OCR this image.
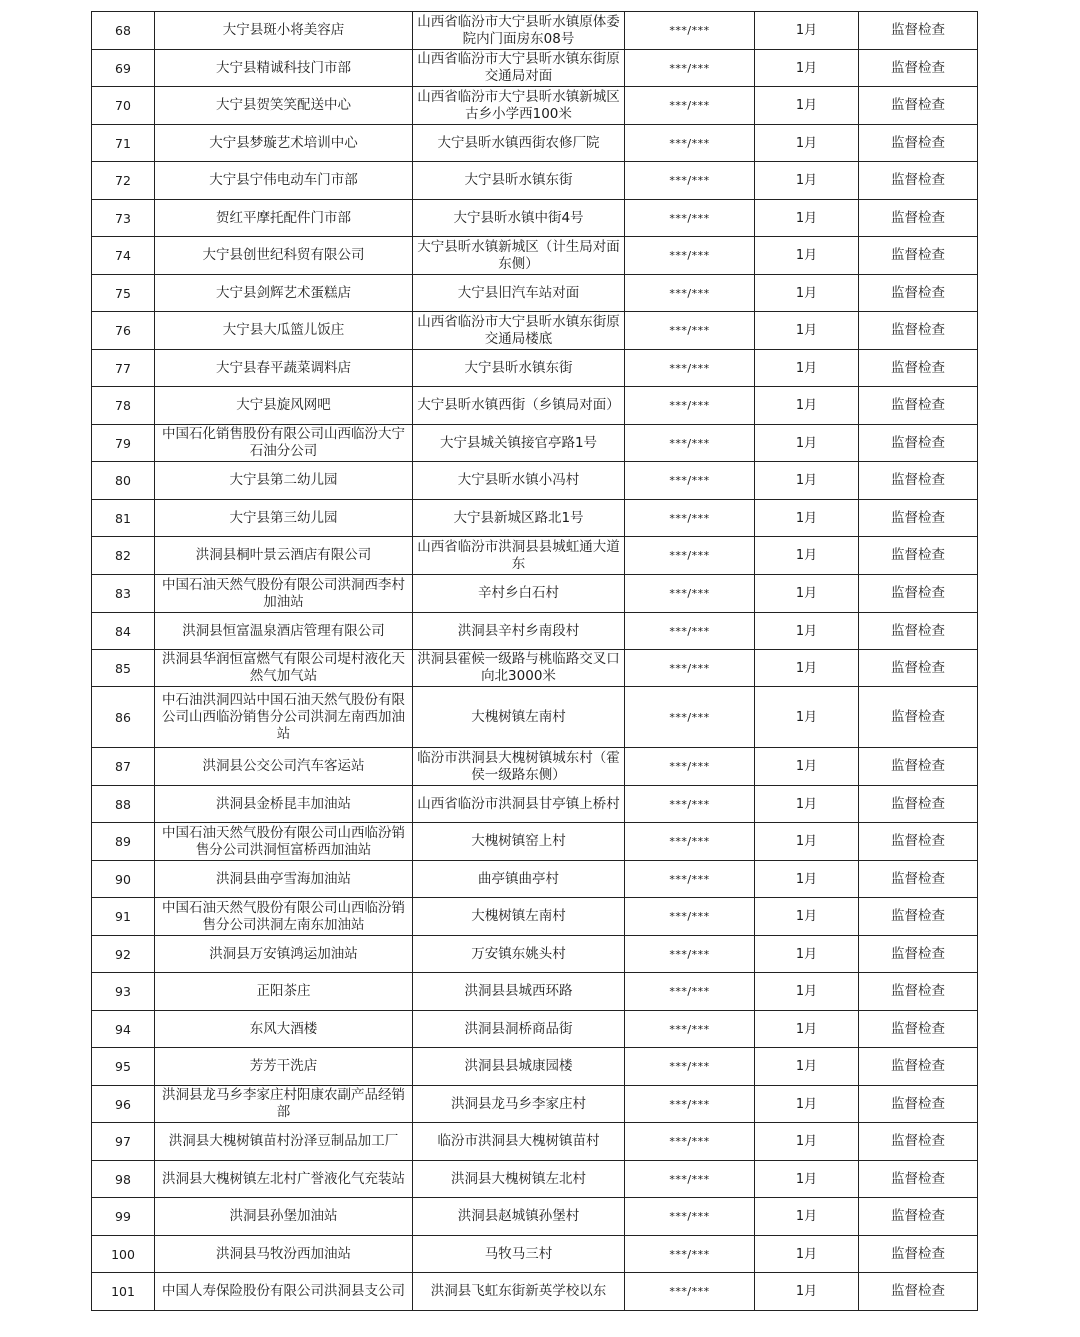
68	大宁县斑小将美容店	山西省临汾市大宁县昕水镇原体委院内门面房东08号	***/***	1月	监督检查
69	大宁县精诚科技门市部	山西省临汾市大宁县昕水镇东街原交通局对面	***/***	1月	监督检查
70	大宁县贺笑笑配送中心	山西省临汾市大宁县昕水镇新城区古乡小学西100米	***/***	1月	监督检查
71	大宁县梦璇艺术培训中心	大宁县昕水镇西街农修厂院	***/***	1月	监督检查
72	大宁县宁伟电动车门市部	大宁县昕水镇东街	***/***	1月	监督检查
73	贺红平摩托配件门市部	大宁县昕水镇中街4号	***/***	1月	监督检查
74	大宁县创世纪科贸有限公司	大宁县昕水镇新城区（计生局对面东侧）	***/***	1月	监督检查
75	大宁县剑辉艺术蛋糕店	大宁县旧汽车站对面	***/***	1月	监督检查
76	大宁县大瓜篮儿饭庄	山西省临汾市大宁县昕水镇东街原交通局楼底	***/***	1月	监督检查
77	大宁县春平蔬菜调料店	大宁县昕水镇东街	***/***	1月	监督检查
78	大宁县旋风网吧	大宁县昕水镇西街（乡镇局对面）	***/***	1月	监督检查
79	中国石化销售股份有限公司山西临汾大宁石油分公司	大宁县城关镇接官亭路1号	***/***	1月	监督检查
80	大宁县第二幼儿园	大宁县昕水镇小冯村	***/***	1月	监督检查
81	大宁县第三幼儿园	大宁县新城区路北1号	***/***	1月	监督检查
82	洪洞县桐叶景云酒店有限公司	山西省临汾市洪洞县县城虹通大道东	***/***	1月	监督检查
83	中国石油天然气股份有限公司洪洞西李村加油站	辛村乡白石村	***/***	1月	监督检查
84	洪洞县恒富温泉酒店管理有限公司	洪洞县辛村乡南段村	***/***	1月	监督检查
85	洪洞县华润恒富燃气有限公司堤村液化天然气加气站	洪洞县霍候一级路与桃临路交叉口向北3000米	***/***	1月	监督检查
86	中石油洪洞四站中国石油天然气股份有限公司山西临汾销售分公司洪洞左南西加油站	大槐树镇左南村	***/***	1月	监督检查
87	洪洞县公交公司汽车客运站	临汾市洪洞县大槐树镇城东村（霍侯一级路东侧）	***/***	1月	监督检查
88	洪洞县金桥昆丰加油站	山西省临汾市洪洞县甘亭镇上桥村	***/***	1月	监督检查
89	中国石油天然气股份有限公司山西临汾销售分公司洪洞恒富桥西加油站	大槐树镇窑上村	***/***	1月	监督检查
90	洪洞县曲亭雪海加油站	曲亭镇曲亭村	***/***	1月	监督检查
91	中国石油天然气股份有限公司山西临汾销售分公司洪洞左南东加油站	大槐树镇左南村	***/***	1月	监督检查
92	洪洞县万安镇鸿运加油站	万安镇东姚头村	***/***	1月	监督检查
93	正阳茶庄	洪洞县县城西环路	***/***	1月	监督检查
94	东风大酒楼	洪洞县洞桥商品街	***/***	1月	监督检查
95	芳芳干洗店	洪洞县县城康园楼	***/***	1月	监督检查
96	洪洞县龙马乡李家庄村阳康农副产品经销部	洪洞县龙马乡李家庄村	***/***	1月	监督检查
97	洪洞县大槐树镇苗村汾泽豆制品加工厂	临汾市洪洞县大槐树镇苗村	***/***	1月	监督检查
98	洪洞县大槐树镇左北村广誉液化气充装站	洪洞县大槐树镇左北村	***/***	1月	监督检查
99	洪洞县孙堡加油站	洪洞县赵城镇孙堡村	***/***	1月	监督检查
100	洪洞县马牧汾西加油站	马牧马三村	***/***	1月	监督检查
101	中国人寿保险股份有限公司洪洞县支公司	洪洞县飞虹东街新英学校以东	***/***	1月	监督检查
